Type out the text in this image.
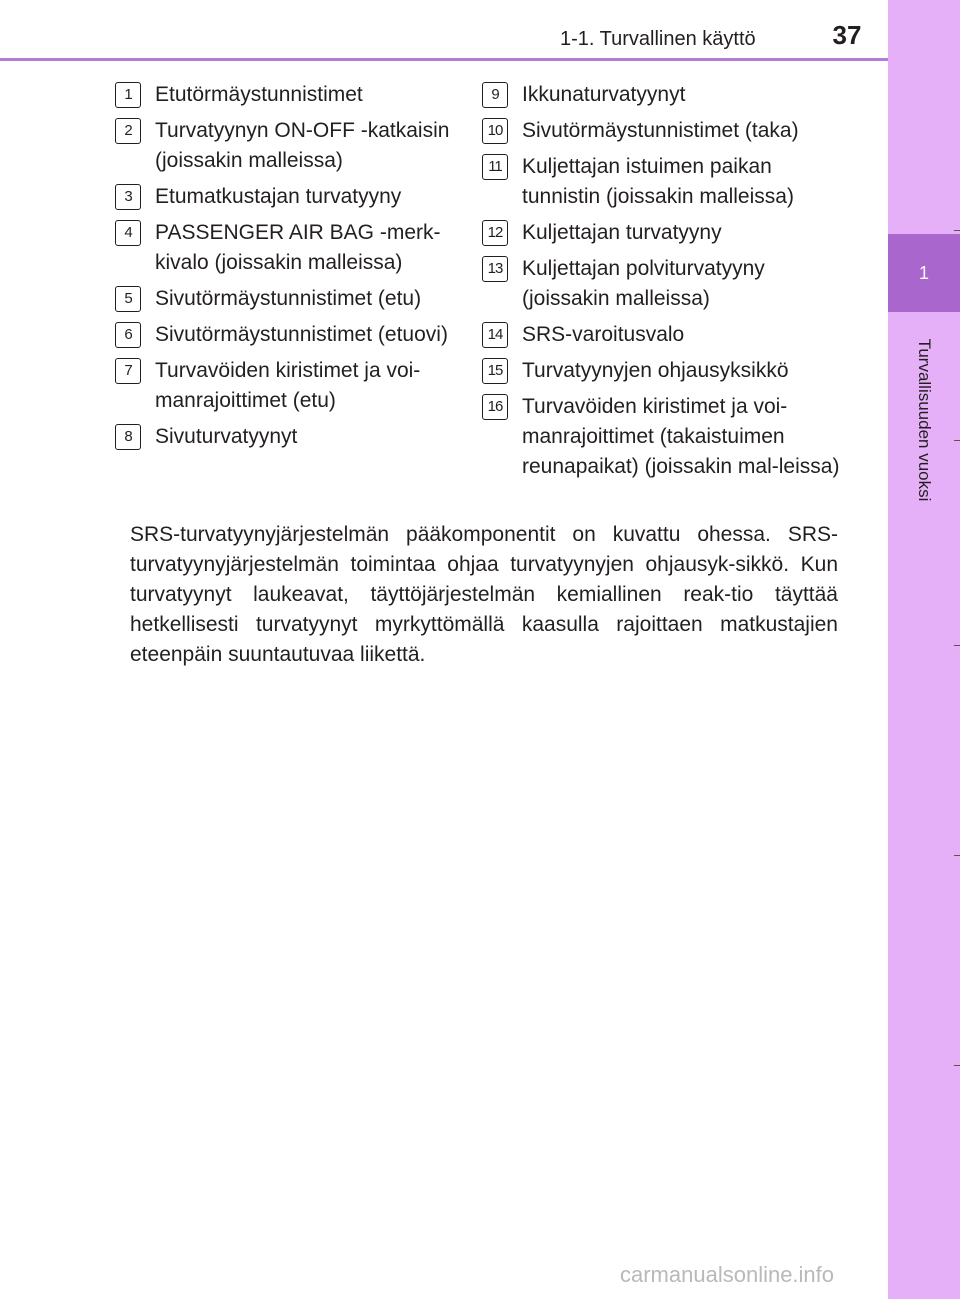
1-1. Turvallinen käyttö	37
1
Turvallisuuden vuoksi
1	Etutörmäystunnistimet
2	Turvatyynyn ON-OFF -katkaisin (joissakin malleissa)
3	Etumatkustajan turvatyyny
4	PASSENGER AIR BAG -merk-kivalo (joissakin malleissa)
5	Sivutörmäystunnistimet (etu)
6	Sivutörmäystunnistimet (etuovi)
7	Turvavöiden kiristimet ja voi-manrajoittimet (etu)
8	Sivuturvatyynyt
9	Ikkunaturvatyynyt
10 Sivutörmäystunnistimet (taka)
11 Kuljettajan istuimen paikan tunnistin (joissakin malleissa)
12 Kuljettajan turvatyyny
13 Kuljettajan polviturvatyyny (joissakin malleissa)
14 SRS-varoitusvalo
15 Turvatyynyjen ohjausyksikkö
16 Turvavöiden kiristimet ja voi-manrajoittimet (takaistuimen reunapaikat) (joissakin mal-leissa)
SRS-turvatyynyjärjestelmän pääkomponentit on kuvattu ohessa. SRS-turvatyynyjärjestelmän toimintaa ohjaa turvatyynyjen ohjausyk-sikkö. Kun turvatyynyt laukeavat, täyttöjärjestelmän kemiallinen reak-tio täyttää hetkellisesti turvatyynyt myrkyttömällä kaasulla rajoittaen matkustajien eteenpäin suuntautuvaa liikettä.
carmanualsonline.info
